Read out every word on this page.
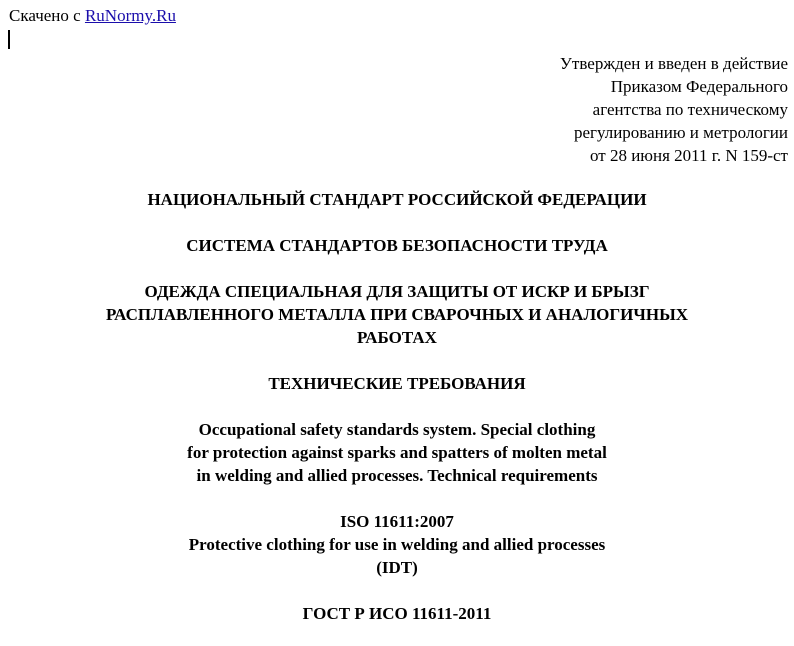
Скачено с RuNormy.Ru
Утвержден и введен в действие
Приказом Федерального
агентства по техническому
регулированию и метрологии
от 28 июня 2011 г. N 159-ст

НАЦИОНАЛЬНЫЙ СТАНДАРТ РОССИЙСКОЙ ФЕДЕРАЦИИ

СИСТЕМА СТАНДАРТОВ БЕЗОПАСНОСТИ ТРУДА

ОДЕЖДА СПЕЦИАЛЬНАЯ ДЛЯ ЗАЩИТЫ ОТ ИСКР И БРЫЗГ

РАСПЛАВЛЕННОГО МЕТАЛЛА ПРИ СВАРОЧНЫХ И АНАЛОГИЧНЫХ

РАБОТАХ

ТЕХНИЧЕСКИЕ ТРЕБОВАНИЯ

Occupational safety standards system. Special clothing

for protection against sparks and spatters of molten metal

in welding and allied processes. Technical requirements

ISO 11611:2007

Protective clothing for use in welding and allied processes

(IDT)

ГОСТ Р ИСО 11611-2011
